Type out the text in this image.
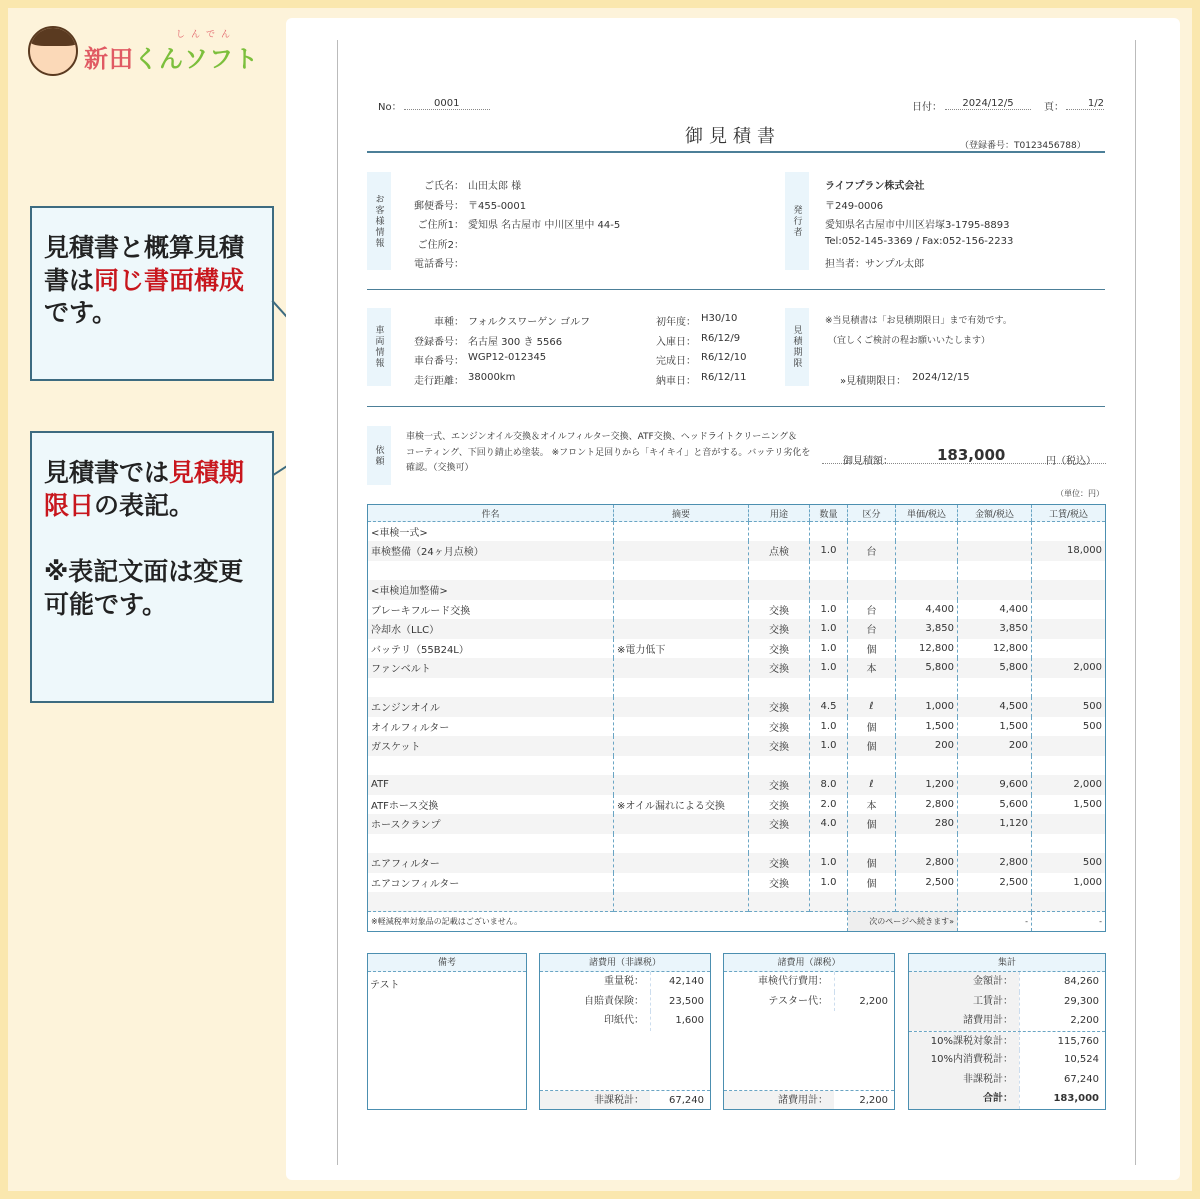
しんでん
新田くんソフト
見積書と概算見積書は同じ書面構成です。
見積書では見積期限日の表記。
※表記文面は変更可能です。
No：	0001	日付：	2024/12/5	頁：	1/2
御見積書	（登録番号：T0123456788）
お客様情報	発行者
車両情報	見積期限
※当見積書は「お見積期限日」まで有効です。
（宜しくご検討の程お願いいたします）
»見積期限日： 2024/12/15
依頼	御見積額：	183,000	円（税込）
（単位：円）
ご氏名： 山田太郎 様
郵便番号： 〒455-0001
ご住所1： 愛知県 名古屋市 中川区里中 44-5
ご住所2：
電話番号：
ライフプラン株式会社
〒249-0006
愛知県名古屋市中川区岩塚3-1795-8893
Tel:052-145-3369 / Fax:052-156-2233
担当者：サンプル太郎
車種： フォルクスワーゲン ゴルフ
登録番号： 名古屋 300 き 5566
車台番号： WGP12-012345
走行距離： 38000km
初年度： H30/10
入庫日： R6/12/9
完成日： R6/12/10
納車日： R6/12/11
車検一式、エンジンオイル交換＆オイルフィルター交換、ATF交換、ヘッドライトクリーニング＆
コーティング、下回り錆止め塗装。 ※フロント足回りから「キイキイ」と音がする。バッテリ劣化を
確認。（交換可）
件名	摘要	用途	数量	区分	単価/税込	金額/税込	工賃/税込
<車検一式>							
車検整備（24ヶ月点検）		点検	1.0	台			18,000

<車検追加整備>							
ブレーキフルード交換		交換	1.0	台	4,400	4,400	
冷却水（LLC）		交換	1.0	台	3,850	3,850	
バッテリ（55B24L）	※電力低下	交換	1.0	個	12,800	12,800	
ファンベルト		交換	1.0	本	5,800	5,800	2,000

エンジンオイル		交換	4.5	ℓ	1,000	4,500	500
オイルフィルター		交換	1.0	個	1,500	1,500	500
ガスケット		交換	1.0	個	200	200	

ATF		交換	8.0	ℓ	1,200	9,600	2,000
ATFホース交換	※オイル漏れによる交換	交換	2.0	本	2,800	5,600	1,500
ホースクランプ		交換	4.0	個	280	1,120	

エアフィルター		交換	1.0	個	2,800	2,800	500
エアコンフィルター		交換	1.0	個	2,500	2,500	1,000

※軽減税率対象品の記載はございません。				次のページへ続きます»		-	-
備考
テスト
諸費用（非課税）
重量税：	42,140
自賠責保険：	23,500
印紙代：	1,600
非課税計：	67,240
諸費用（課税）
車検代行費用：
テスター代：	2,200
諸費用計：	2,200
集計
金額計：	84,260
工賃計：	29,300
諸費用計：	2,200
10%課税対象計：	115,760
10%内消費税計：	10,524
非課税計：	67,240
合計：	183,000
